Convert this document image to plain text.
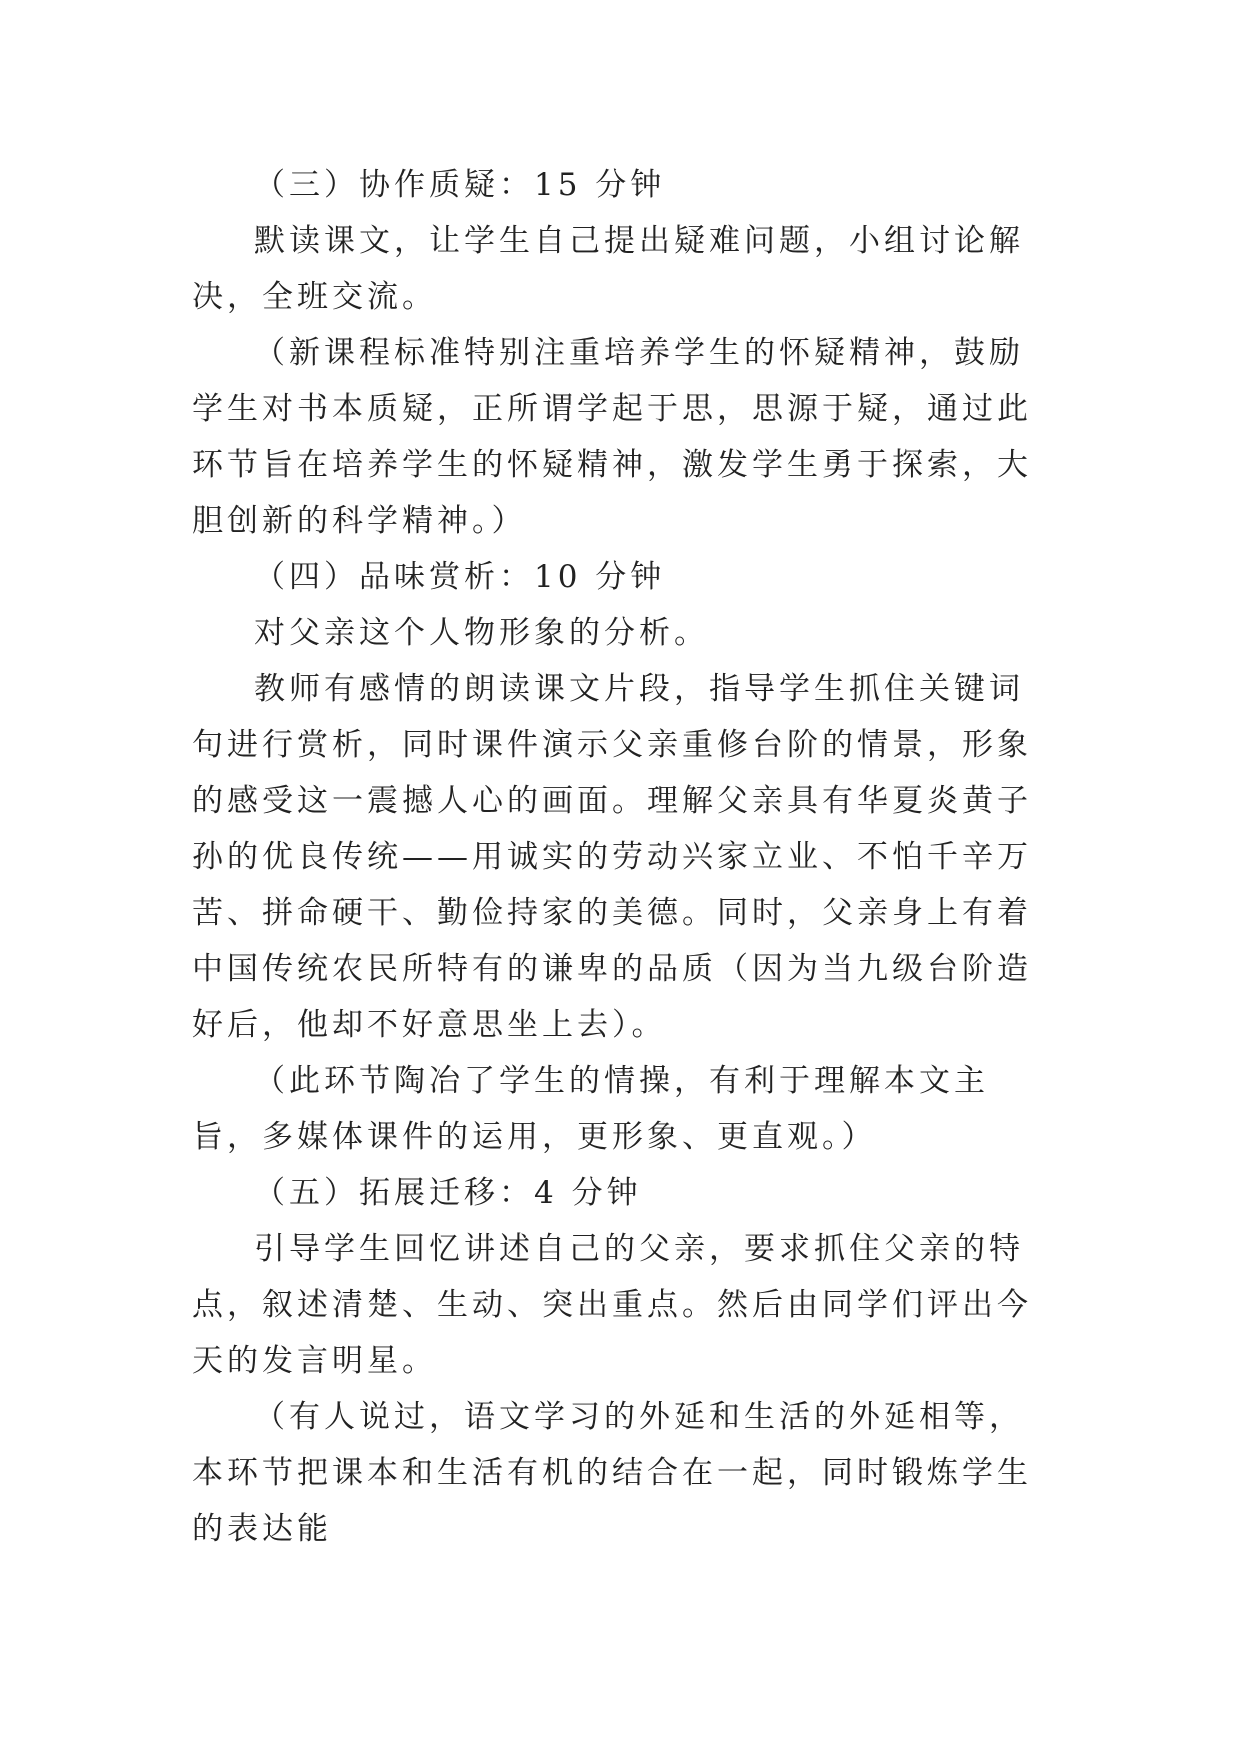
（三）协作质疑：15 分钟

默读课文，让学生自己提出疑难问题，小组讨论解决，全班交流。

（新课程标准特别注重培养学生的怀疑精神，鼓励学生对书本质疑，正所谓学起于思，思源于疑，通过此环节旨在培养学生的怀疑精神，激发学生勇于探索，大胆创新的科学精神。）

（四）品味赏析：10 分钟

对父亲这个人物形象的分析。

教师有感情的朗读课文片段，指导学生抓住关键词句进行赏析，同时课件演示父亲重修台阶的情景，形象的感受这一震撼人心的画面。理解父亲具有华夏炎黄子孙的优良传统——用诚实的劳动兴家立业、不怕千辛万苦、拼命硬干、勤俭持家的美德。同时，父亲身上有着中国传统农民所特有的谦卑的品质（因为当九级台阶造好后，他却不好意思坐上去）。

（此环节陶冶了学生的情操，有利于理解本文主旨，多媒体课件的运用，更形象、更直观。）

（五）拓展迁移：4 分钟

引导学生回忆讲述自己的父亲，要求抓住父亲的特点，叙述清楚、生动、突出重点。然后由同学们评出今天的发言明星。

（有人说过，语文学习的外延和生活的外延相等，本环节把课本和生活有机的结合在一起，同时锻炼学生的表达能
